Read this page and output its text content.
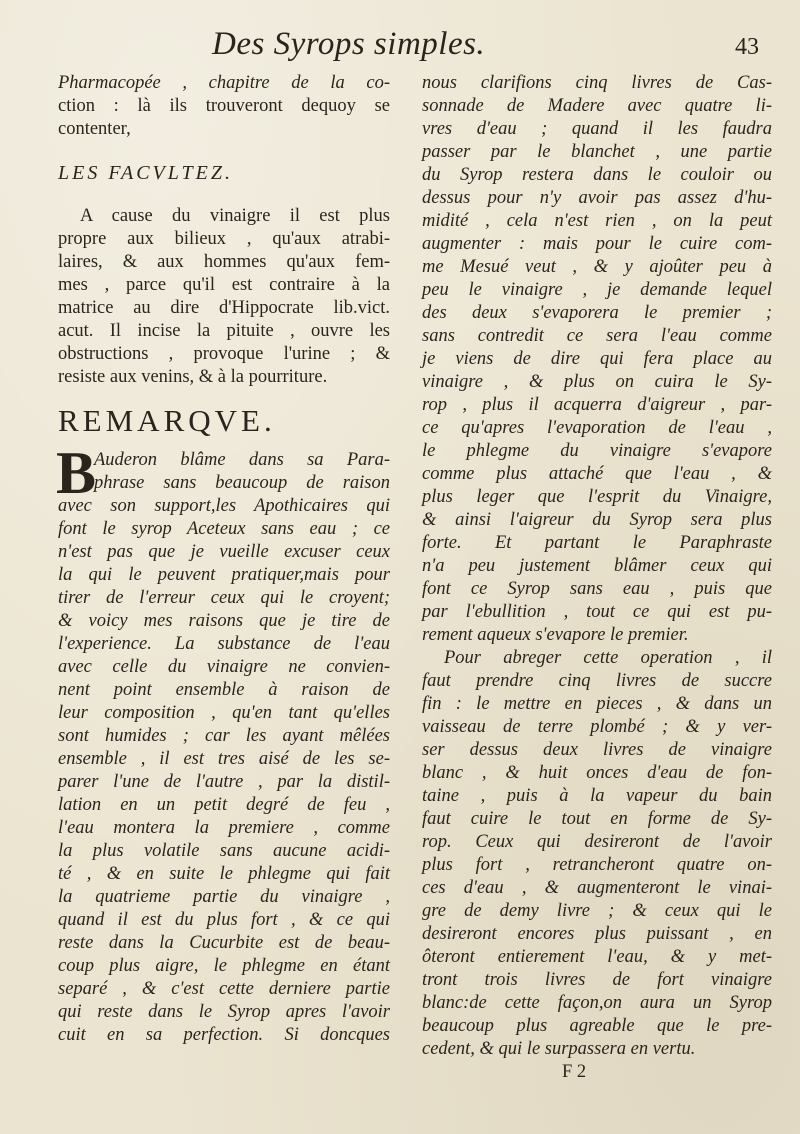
Des Syrops simples.	43
Pharmacopée , chapitre de la co-
ction : là ils trouveront dequoy se
contenter,
LES FACVLTEZ.
A cause du vinaigre il est plus
propre aux bilieux , qu'aux atrabi-
laires, & aux hommes qu'aux fem-
mes , parce qu'il est contraire à la
matrice au dire d'Hippocrate lib.vict.
acut. Il incise la pituite , ouvre les
obstructions , provoque l'urine ; &
resiste aux venins, & à la pourriture.
REMARQVE.
B
Auderon blâme dans sa Para-
phrase sans beaucoup de raison
avec son support,les Apothicaires qui
font le syrop Aceteux sans eau ; ce
n'est pas que je vueille excuser ceux
la qui le peuvent pratiquer,mais pour
tirer de l'erreur ceux qui le croyent;
& voicy mes raisons que je tire de
l'experience. La substance de l'eau
avec celle du vinaigre ne convien-
nent point ensemble à raison de
leur composition , qu'en tant qu'elles
sont humides ; car les ayant mêlées
ensemble , il est tres aisé de les se-
parer l'une de l'autre , par la distil-
lation en un petit degré de feu ,
l'eau montera la premiere , comme
la plus volatile sans aucune acidi-
té , & en suite le phlegme qui fait
la quatrieme partie du vinaigre ,
quand il est du plus fort , & ce qui
reste dans la Cucurbite est de beau-
coup plus aigre, le phlegme en étant
separé , & c'est cette derniere partie
qui reste dans le Syrop apres l'avoir
cuit en sa perfection. Si doncques
nous clarifions cinq livres de Cas-
sonnade de Madere avec quatre li-
vres d'eau ; quand il les faudra
passer par le blanchet , une partie
du Syrop restera dans le couloir ou
dessus pour n'y avoir pas assez d'hu-
midité , cela n'est rien , on la peut
augmenter : mais pour le cuire com-
me Mesué veut , & y ajoûter peu à
peu le vinaigre , je demande lequel
des deux s'evaporera le premier ;
sans contredit ce sera l'eau comme
je viens de dire qui fera place au
vinaigre , & plus on cuira le Sy-
rop , plus il acquerra d'aigreur , par-
ce qu'apres l'evaporation de l'eau ,
le phlegme du vinaigre s'evapore
comme plus attaché que l'eau , &
plus leger que l'esprit du Vinaigre,
& ainsi l'aigreur du Syrop sera plus
forte. Et partant le Paraphraste
n'a peu justement blâmer ceux qui
font ce Syrop sans eau , puis que
par l'ebullition , tout ce qui est pu-
rement aqueux s'evapore le premier.
Pour abreger cette operation , il
faut prendre cinq livres de succre
fin : le mettre en pieces , & dans un
vaisseau de terre plombé ; & y ver-
ser dessus deux livres de vinaigre
blanc , & huit onces d'eau de fon-
taine , puis à la vapeur du bain
faut cuire le tout en forme de Sy-
rop. Ceux qui desireront de l'avoir
plus fort , retrancheront quatre on-
ces d'eau , & augmenteront le vinai-
gre de demy livre ; & ceux qui le
desireront encores plus puissant , en
ôteront entierement l'eau, & y met-
tront trois livres de fort vinaigre
blanc:de cette façon,on aura un Syrop
beaucoup plus agreable que le pre-
cedent, & qui le surpassera en vertu.
F 2
